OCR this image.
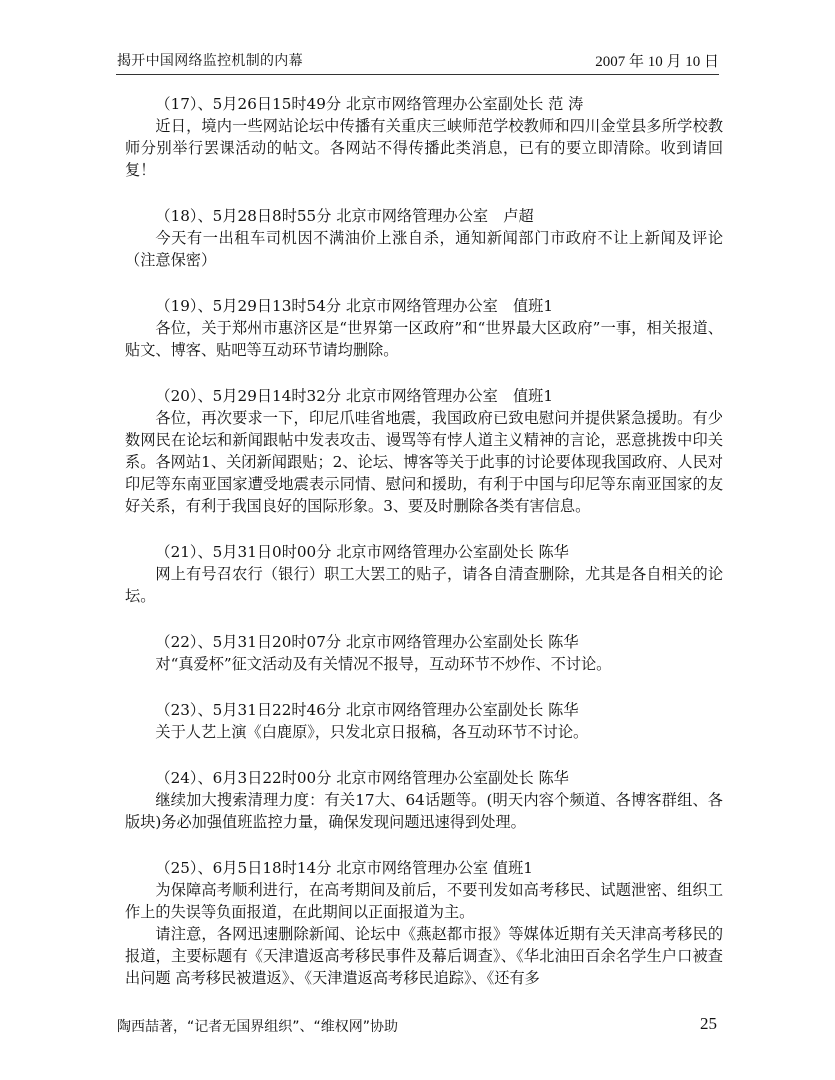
揭开中国网络监控机制的内幕	2007 年 10 月 10 日

（17）、5月26日15时49分 北京市网络管理办公室副处长 范 涛

近日，境内一些网站论坛中传播有关重庆三峡师范学校教师和四川金堂县多所学校教师分别举行罢课活动的帖文。各网站不得传播此类消息，已有的要立即清除。收到请回复！

（18）、5月28日8时55分 北京市网络管理办公室　卢超

今天有一出租车司机因不满油价上涨自杀，通知新闻部门市政府不让上新闻及评论（注意保密）

（19）、5月29日13时54分 北京市网络管理办公室　值班1

各位，关于郑州市惠济区是“世界第一区政府”和“世界最大区政府”一事，相关报道、贴文、博客、贴吧等互动环节请均删除。

（20）、5月29日14时32分 北京市网络管理办公室　值班1

各位，再次要求一下，印尼爪哇省地震，我国政府已致电慰问并提供紧急援助。有少数网民在论坛和新闻跟帖中发表攻击、谩骂等有悖人道主义精神的言论，恶意挑拨中印关系。各网站1、关闭新闻跟贴；2、论坛、博客等关于此事的讨论要体现我国政府、人民对印尼等东南亚国家遭受地震表示同情、慰问和援助，有利于中国与印尼等东南亚国家的友好关系，有利于我国良好的国际形象。3、要及时删除各类有害信息。

（21）、5月31日0时00分 北京市网络管理办公室副处长 陈华

网上有号召农行（银行）职工大罢工的贴子，请各自清查删除，尤其是各自相关的论坛。

（22）、5月31日20时07分 北京市网络管理办公室副处长 陈华

对“真爱杯”征文活动及有关情况不报导，互动环节不炒作、不讨论。

（23）、5月31日22时46分 北京市网络管理办公室副处长 陈华

关于人艺上演《白鹿原》，只发北京日报稿，各互动环节不讨论。

（24）、6月3日22时00分 北京市网络管理办公室副处长 陈华

继续加大搜索清理力度：有关17大、64话题等。(明天内容个频道、各博客群组、各版块)务必加强值班监控力量，确保发现问题迅速得到处理。

（25）、6月5日18时14分 北京市网络管理办公室 值班1

为保障高考顺利进行，在高考期间及前后，不要刊发如高考移民、试题泄密、组织工作上的失误等负面报道，在此期间以正面报道为主。

请注意，各网迅速删除新闻、论坛中《燕赵都市报》等媒体近期有关天津高考移民的报道，主要标题有《天津遣返高考移民事件及幕后调查》、《华北油田百余名学生户口被查出问题 高考移民被遣返》、《天津遣返高考移民追踪》、《还有多

陶西喆著，“记者无国界组织”、“维权网”协助	25
